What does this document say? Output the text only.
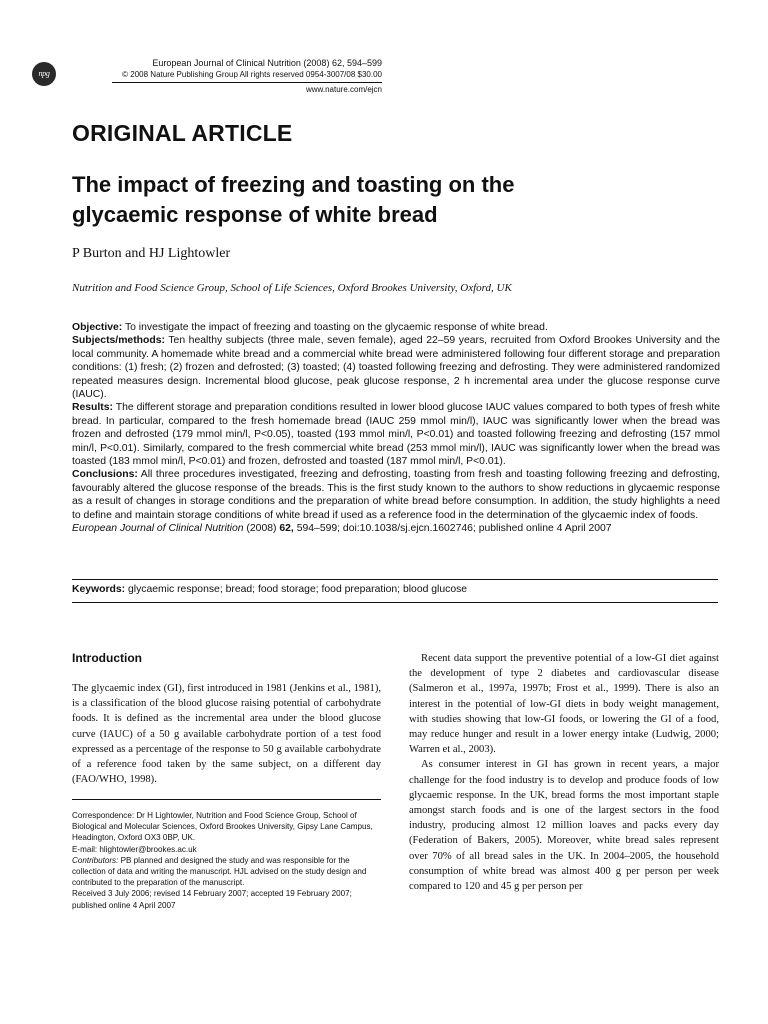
npg
European Journal of Clinical Nutrition (2008) 62, 594–599
© 2008 Nature Publishing Group All rights reserved 0954-3007/08 $30.00
www.nature.com/ejcn
ORIGINAL ARTICLE
The impact of freezing and toasting on the
glycaemic response of white bread
P Burton and HJ Lightowler
Nutrition and Food Science Group, School of Life Sciences, Oxford Brookes University, Oxford, UK

Objective: To investigate the impact of freezing and toasting on the glycaemic response of white bread.

Subjects/methods: Ten healthy subjects (three male, seven female), aged 22–59 years, recruited from Oxford Brookes University and the local community. A homemade white bread and a commercial white bread were administered following four different storage and preparation conditions: (1) fresh; (2) frozen and defrosted; (3) toasted; (4) toasted following freezing and defrosting. They were administered randomized repeated measures design. Incremental blood glucose, peak glucose response, 2 h incremental area under the glucose response curve (IAUC).

Results: The different storage and preparation conditions resulted in lower blood glucose IAUC values compared to both types of fresh white bread. In particular, compared to the fresh homemade bread (IAUC 259 mmol min/l), IAUC was significantly lower when the bread was frozen and defrosted (179 mmol min/l, P<0.05), toasted (193 mmol min/l, P<0.01) and toasted following freezing and defrosting (157 mmol min/l, P<0.01). Similarly, compared to the fresh commercial white bread (253 mmol min/l), IAUC was significantly lower when the bread was toasted (183 mmol min/l, P<0.01) and frozen, defrosted and toasted (187 mmol min/l, P<0.01).

Conclusions: All three procedures investigated, freezing and defrosting, toasting from fresh and toasting following freezing and defrosting, favourably altered the glucose response of the breads. This is the first study known to the authors to show reductions in glycaemic response as a result of changes in storage conditions and the preparation of white bread before consumption. In addition, the study highlights a need to define and maintain storage conditions of white bread if used as a reference food in the determination of the glycaemic index of foods.

European Journal of Clinical Nutrition (2008) 62, 594–599; doi:10.1038/sj.ejcn.1602746; published online 4 April 2007

Keywords: glycaemic response; bread; food storage; food preparation; blood glucose
Introduction
The glycaemic index (GI), first introduced in 1981 (Jenkins et al., 1981), is a classification of the blood glucose raising potential of carbohydrate foods. It is defined as the incremental area under the blood glucose curve (IAUC) of a 50 g available carbohydrate portion of a test food expressed as a percentage of the response to 50 g available carbohydrate of a reference food taken by the same subject, on a different day (FAO/WHO, 1998).

Correspondence: Dr H Lightowler, Nutrition and Food Science Group, School of Biological and Molecular Sciences, Oxford Brookes University, Gipsy Lane Campus, Headington, Oxford OX3 0BP, UK.

E-mail: hlightowler@brookes.ac.uk

Contributors: PB planned and designed the study and was responsible for the collection of data and writing the manuscript. HJL advised on the study design and contributed to the preparation of the manuscript.

Received 3 July 2006; revised 14 February 2007; accepted 19 February 2007; published online 4 April 2007

Recent data support the preventive potential of a low-GI diet against the development of type 2 diabetes and cardiovascular disease (Salmeron et al., 1997a, 1997b; Frost et al., 1999). There is also an interest in the potential of low-GI diets in body weight management, with studies showing that low-GI foods, or lowering the GI of a food, may reduce hunger and result in a lower energy intake (Ludwig, 2000; Warren et al., 2003).

As consumer interest in GI has grown in recent years, a major challenge for the food industry is to develop and produce foods of low glycaemic response. In the UK, bread forms the most important staple amongst starch foods and is one of the largest sectors in the food industry, producing almost 12 million loaves and packs every day (Federation of Bakers, 2005). Moreover, white bread sales represent over 70% of all bread sales in the UK. In 2004–2005, the household consumption of white bread was almost 400 g per person per week compared to 120 and 45 g per person per
